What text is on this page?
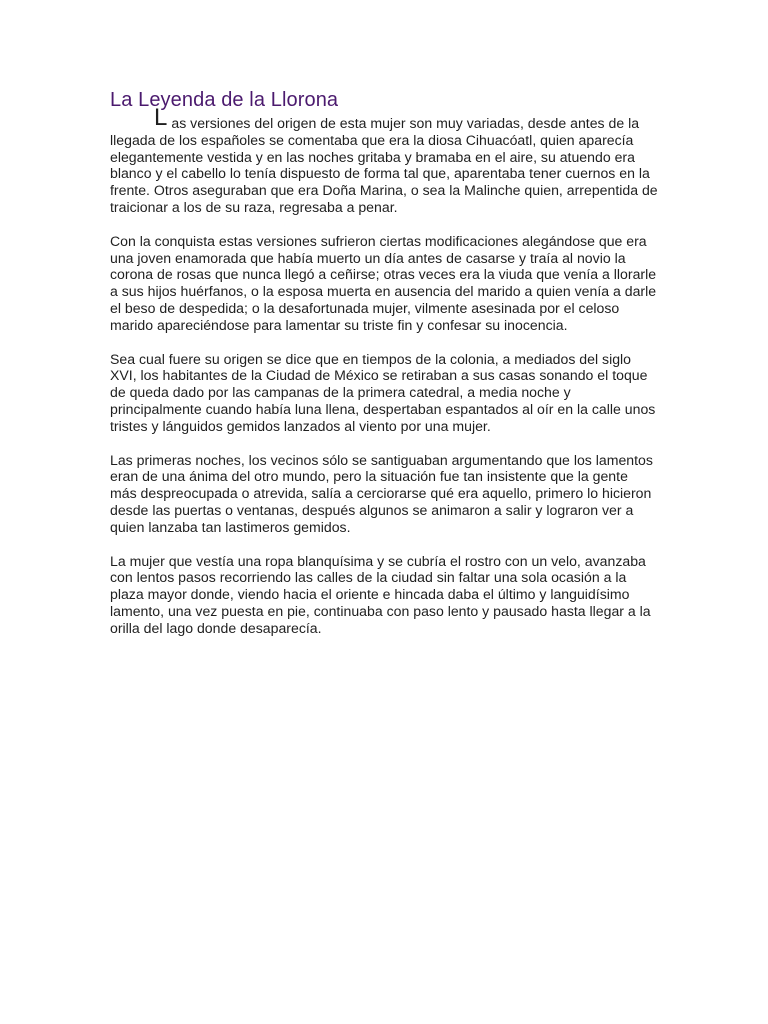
La Leyenda de la Llorona

Las versiones del origen de esta mujer son muy variadas, desde antes de la llegada de los españoles se comentaba que era la diosa Cihuacóatl, quien aparecía elegantemente vestida y en las noches gritaba y bramaba en el aire, su atuendo era blanco y el cabello lo tenía dispuesto de forma tal que, aparentaba tener cuernos en la frente. Otros aseguraban que era Doña Marina, o sea la Malinche quien, arrepentida de traicionar a los de su raza, regresaba a penar.

Con la conquista estas versiones sufrieron ciertas modificaciones alegándose que era una joven enamorada que había muerto un día antes de casarse y traía al novio la corona de rosas que nunca llegó a ceñirse; otras veces era la viuda que venía a llorarle a sus hijos huérfanos, o la esposa muerta en ausencia del marido a quien venía a darle el beso de despedida; o la desafortunada mujer, vilmente asesinada por el celoso marido apareciéndose para lamentar su triste fin y confesar su inocencia.

Sea cual fuere su origen se dice que en tiempos de la colonia, a mediados del siglo XVI, los habitantes de la Ciudad de México se retiraban a sus casas sonando el toque de queda dado por las campanas de la primera catedral, a media noche y principalmente cuando había luna llena, despertaban espantados al oír en la calle unos tristes y lánguidos gemidos lanzados al viento por una mujer.

Las primeras noches, los vecinos sólo se santiguaban argumentando que los lamentos eran de una ánima del otro mundo, pero la situación fue tan insistente que la gente más despreocupada o atrevida, salía a cerciorarse qué era aquello, primero lo hicieron desde las puertas o ventanas, después algunos se animaron a salir y lograron ver a quien lanzaba tan lastimeros gemidos.

La mujer que vestía una ropa blanquísima y se cubría el rostro con un velo, avanzaba con lentos pasos recorriendo las calles de la ciudad sin faltar una sola ocasión a la plaza mayor donde, viendo hacia el oriente e hincada daba el último y languidísimo lamento, una vez puesta en pie, continuaba con paso lento y pausado hasta llegar a la orilla del lago donde desaparecía.
